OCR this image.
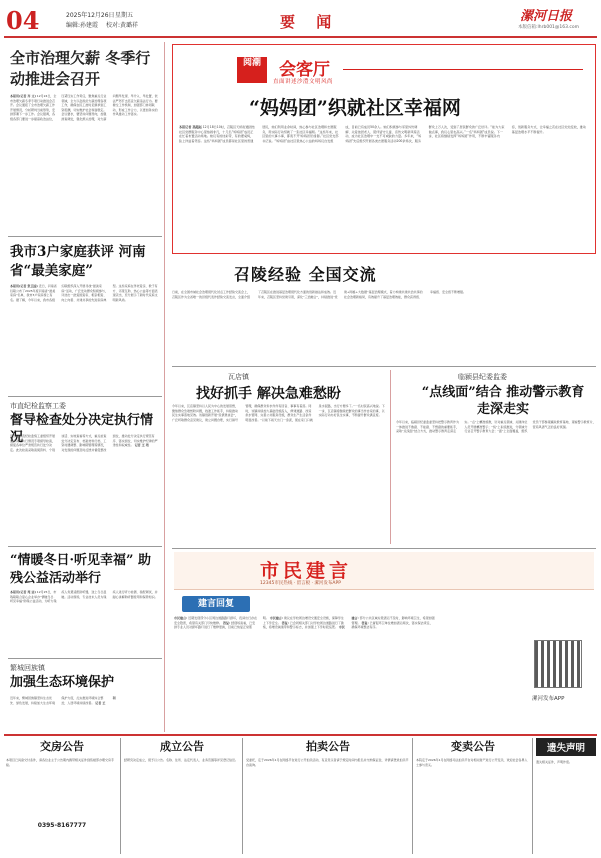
04	2025年12月26日 星期五
编辑:孙建霞 校对:黄璐祥	要 闻	漯河日报
本版信箱:lhrb001@163.com
全市治理欠薪 冬季行动推进会召开
本报讯(记者 齐 文) 12月24日，全市治理欠薪冬季专项行动推进会召开。会议通报了全市治理欠薪工作开展情况，分析研判当前形势，安排部署下一步工作。会议强调，各级各部门要进一步提高政治站位，压紧压实工作责任，聚焦重点行业领域，全力以赴抓好欠薪治理各项工作，确保农民工按时足额拿到工资报酬，切实维护社会和谐稳定。会议要求，要坚持问题导向，加强排查调处，强化源头治理，对欠薪问题早发现、早介入、早处置，依法严厉打击恶意欠薪违法行为。要健全工作机制，加强部门协同联动，形成工作合力，以更加务实的作风推动工作落实。
我市3户家庭获评 河南省“最美家庭”
本报讯(记者 张卫国) 近日，河南省妇联公布了2025年度河南省“最美家庭”名单，我市3户家庭榜上有名。据了解，今年以来，我市各级妇联组织深入开展寻找“最美家庭”活动，广泛发动群众积极参与，评选出一批爱国爱家、相亲相爱、向上向善、共建共享的先进家庭典型。这些家庭在孝老爱亲、教子有方、邻里互助、热心公益等方面表现突出，充分展示了新时代家庭文明新风尚。
市直纪检监察工委
督导检查处分决定执行情况
近日，市直纪检监察工委组织开展处分决定执行情况专项督导检查，督促各单位严肃规范执行处分决定。此次检查采取查阅资料、个别谈话、实地查看等方式，重点检查处分决定宣布、档案材料归档、工资待遇调整、影响期管理等情况，对发现的问题及时反馈并督促整改到位，推动处分决定执行规范有序、落实到位，切实维护纪律的严肃性和权威性。 记者 王 苑
“情暖冬日·听见幸福” 助残公益活动举行
本报讯(记者 苑 洁) 12月25日，市残联联合爱心企业举办“情暖冬日·听见幸福”助残公益活动，为听力残疾人免费适配助听器，送上冬日温暖。活动现场，专业技术人员为残疾人进行听力检测、验配调试，并耐心讲解助听器使用和保养知识。
繁城回族镇
加强生态环境保护
近年来，繁城回族镇坚持生态优先、绿色发展，持续加大生态环境保护力度，扎实推进环境综合整治，人居环境持续改善。 记者 王 利
阅潮	会客厅
直面讲述沙澧文明风尚
“妈妈团”织就社区幸福网
本报记者 高超赵 12月18日10时，召陵区天桥街道团结社区党群服务中心里热闹非凡，十几名“妈妈团”成员正在忙着布置活动场地。她们有的挂彩带，有的摆桌椅，脸上洋溢着笑容。这些“妈妈团”成员都是社区里的普通居民，她们利用业余时间，热心参与社区治理和志愿服务，用实际行动织就了一张社区幸福网。“这些年来，社区里的大事小事，都离不开‘妈妈团’的身影。”社区党支部书记说。“妈妈团”由社区里热心公益的妈妈们自发组成，目前已有成员50余人。她们积极参与邻里纠纷调解、关爱独居老人、陪伴留守儿童、宣传文明新风等活动，成为社区治理中一支不可或缺的力量。多年来，“妈妈团”先后组织开展各类志愿服务活动200余场次，服务群众上万人次，受到了居民群众的广泛好评。“能为大家做点事，我们心里也高兴。”一名“妈妈团”成员说。下一步，社区将继续发挥“妈妈团”作用，不断丰富服务内容，创新服务方式，让幸福之花在社区处处绽放，推动基层治理水平不断提升。
召陵经验 全国交流
日前，在全国市域社会治理现代化试点工作经验交流会上，召陵区作为全省唯一的县级代表作经验交流发言，全面介绍了召陵区在推进基层治理现代化方面的创新做法和成效。近年来，召陵区坚持党建引领，深化“三治融合”，持续推进“党建+网格+大数据”基层治理模式，着力构建共建共治共享的社会治理新格局，有效提升了基层治理效能，群众获得感、幸福感、安全感不断增强。
瓦店镇
找好抓手 解决急难愁盼
今年以来，瓦店镇坚持以人民为中心的发展思想，聚焦群众急难愁盼问题，找准工作抓手，持续推动民生实事落地见效。该镇创新开展“民情恳谈会”，广泛听取群众意见建议，建立问题台账，实行销号管理，确保群众诉求件件有回音、事事有着落。同时，该镇持续加大基础设施投入，修建道路、改造供水管网、完善公共服务设施，群众生产生活条件明显改善。“以前下雨天出门一身泥，现在家门口就是水泥路，出行方便多了。”一名村民高兴地说。下一步，瓦店镇将继续把群众的事当作自家的事，以实际行动办好民生实事，不断提升群众满意度。
临颍县纪委监委
“点线面”结合 推动警示教育走深走实
今年以来，临颍县纪委监委坚持把警示教育作为一体推进不敢腐、不能腐、不想腐的重要抓手，采取“点线面”结合方式，推动警示教育走深走实。“点”上精准施教，针对重点领域、关键岗位人员开展精准警示；“线”上系统推进，分领域分行业召开警示教育大会；“面”上全面覆盖，组织党员干部参观廉政教育基地、观看警示教育片，营造风清气正的良好氛围。
市民建言
12345市民热线 · 留言板 · 漯河发布APP
建言回复
市民建言: 近期发现部分小区周边道路路灯损坏，夜间出行存在安全隐患，希望有关部门尽快维修。 答复: 经现场查看，已安排专业人员对损坏路灯进行了维修更换，目前已恢复正常照明。 市民建言: 建议在学校周边增设交通安全设施，保障学生上下学安全。 答复: 已会同相关部门对学校周边道路进行了勘察，将增设减速带和警示标志，并加强上下学时段巡逻。 市民建言: 部分公共区域垃圾清运不及时，影响环境卫生，希望加强管理。 答复: 已督促环卫单位增加清运频次，落实保洁责任，确保环境整洁有序。
漯河发布APP
交房公告
本项目已具备交付条件，请各位业主于公告期内携带相关证件到售楼部办理交房手续。
0395-8167777
成立公告
经研究决定成立，现予以公告。名称、住所、法定代表人、业务范围等详见登记信息。
拍卖公告
受委托，定于2026年1月在网络平台进行公开拍卖活动，有意竞买者请于规定时间内报名并交纳保证金，详情请登录拍卖平台查询。
变卖公告
本院定于2026年1月在网络司法拍卖平台对相关财产进行公开变卖，欢迎社会各界人士参与竞买。
遗失声明
遗失相关证件，声明作废。
